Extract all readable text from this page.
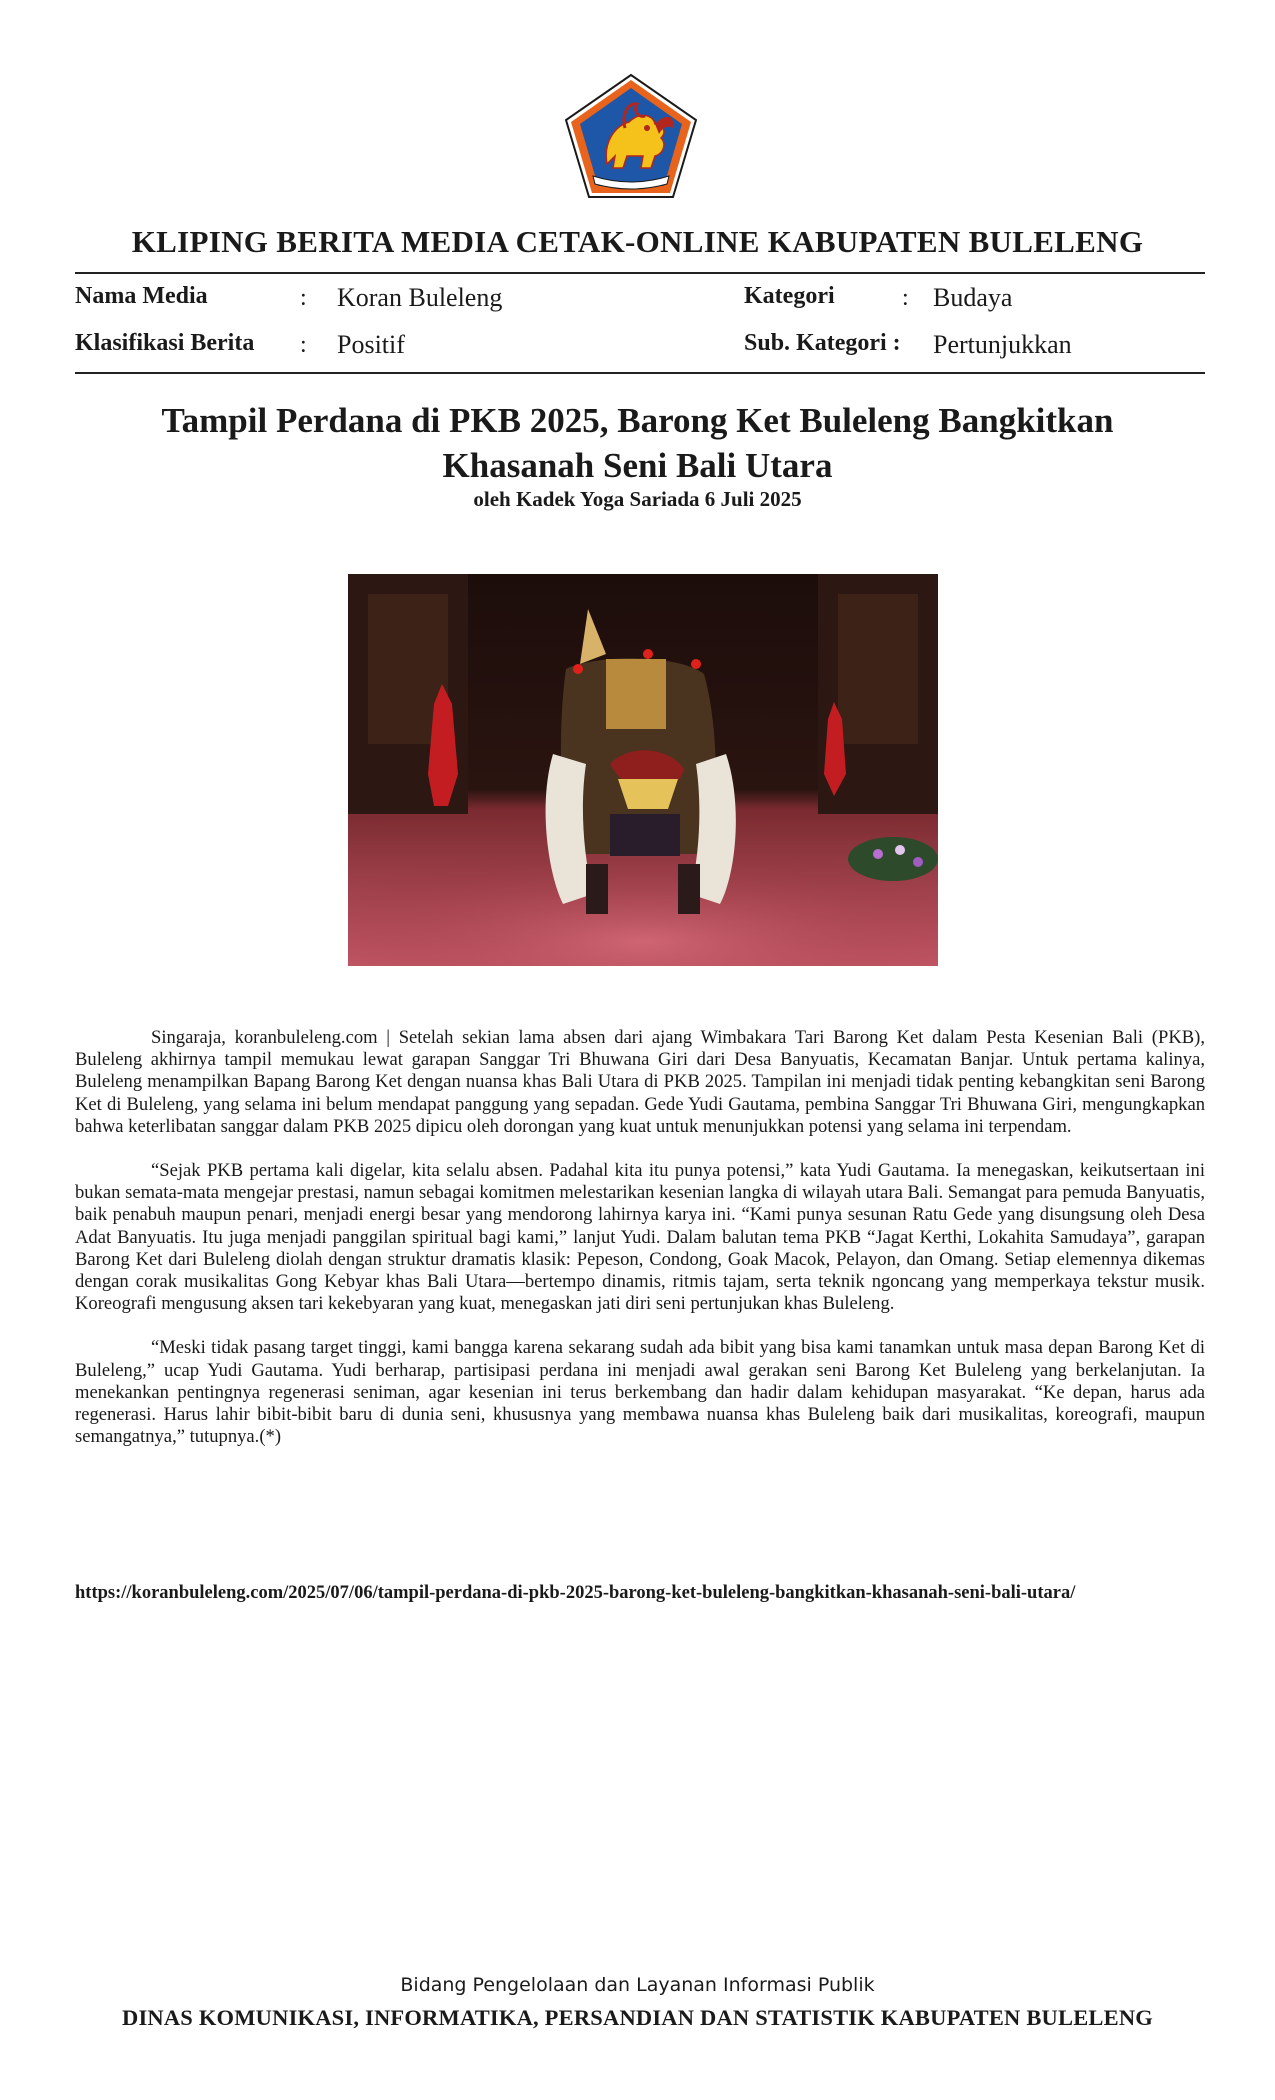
KLIPING BERITA MEDIA CETAK-ONLINE KABUPATEN BULELENG
Nama Media	: Koran Buleleng	Kategori	: Budaya
Klasifikasi Berita : Positif	Sub. Kategori : Pertunjukkan
Tampil Perdana di PKB 2025, Barong Ket Buleleng Bangkitkan
Khasanah Seni Bali Utara
oleh Kadek Yoga Sariada 6 Juli 2025

Singaraja, koranbuleleng.com | Setelah sekian lama absen dari ajang Wimbakara Tari Barong Ket dalam Pesta Kesenian Bali (PKB), Buleleng akhirnya tampil memukau lewat garapan Sanggar Tri Bhuwana Giri dari Desa Banyuatis, Kecamatan Banjar. Untuk pertama kalinya, Buleleng menampilkan Bapang Barong Ket dengan nuansa khas Bali Utara di PKB 2025. Tampilan ini menjadi tidak penting kebangkitan seni Barong Ket di Buleleng, yang selama ini belum mendapat panggung yang sepadan. Gede Yudi Gautama, pembina Sanggar Tri Bhuwana Giri, mengungkapkan bahwa keterlibatan sanggar dalam PKB 2025 dipicu oleh dorongan yang kuat untuk menunjukkan potensi yang selama ini terpendam.

“Sejak PKB pertama kali digelar, kita selalu absen. Padahal kita itu punya potensi,” kata Yudi Gautama. Ia menegaskan, keikutsertaan ini bukan semata-mata mengejar prestasi, namun sebagai komitmen melestarikan kesenian langka di wilayah utara Bali. Semangat para pemuda Banyuatis, baik penabuh maupun penari, menjadi energi besar yang mendorong lahirnya karya ini. “Kami punya sesunan Ratu Gede yang disungsung oleh Desa Adat Banyuatis. Itu juga menjadi panggilan spiritual bagi kami,” lanjut Yudi. Dalam balutan tema PKB “Jagat Kerthi, Lokahita Samudaya”, garapan Barong Ket dari Buleleng diolah dengan struktur dramatis klasik: Pepeson, Condong, Goak Macok, Pelayon, dan Omang. Setiap elemennya dikemas dengan corak musikalitas Gong Kebyar khas Bali Utara—bertempo dinamis, ritmis tajam, serta teknik ngoncang yang memperkaya tekstur musik. Koreografi mengusung aksen tari kekebyaran yang kuat, menegaskan jati diri seni pertunjukan khas Buleleng.

“Meski tidak pasang target tinggi, kami bangga karena sekarang sudah ada bibit yang bisa kami tanamkan untuk masa depan Barong Ket di Buleleng,” ucap Yudi Gautama. Yudi berharap, partisipasi perdana ini menjadi awal gerakan seni Barong Ket Buleleng yang berkelanjutan. Ia menekankan pentingnya regenerasi seniman, agar kesenian ini terus berkembang dan hadir dalam kehidupan masyarakat. “Ke depan, harus ada regenerasi. Harus lahir bibit-bibit baru di dunia seni, khususnya yang membawa nuansa khas Buleleng baik dari musikalitas, koreografi, maupun semangatnya,” tutupnya.(*)

https://koranbuleleng.com/2025/07/06/tampil-perdana-di-pkb-2025-barong-ket-buleleng-bangkitkan-khasanah-seni-bali-utara/
Bidang Pengelolaan dan Layanan Informasi Publik
DINAS KOMUNIKASI, INFORMATIKA, PERSANDIAN DAN STATISTIK KABUPATEN BULELENG
